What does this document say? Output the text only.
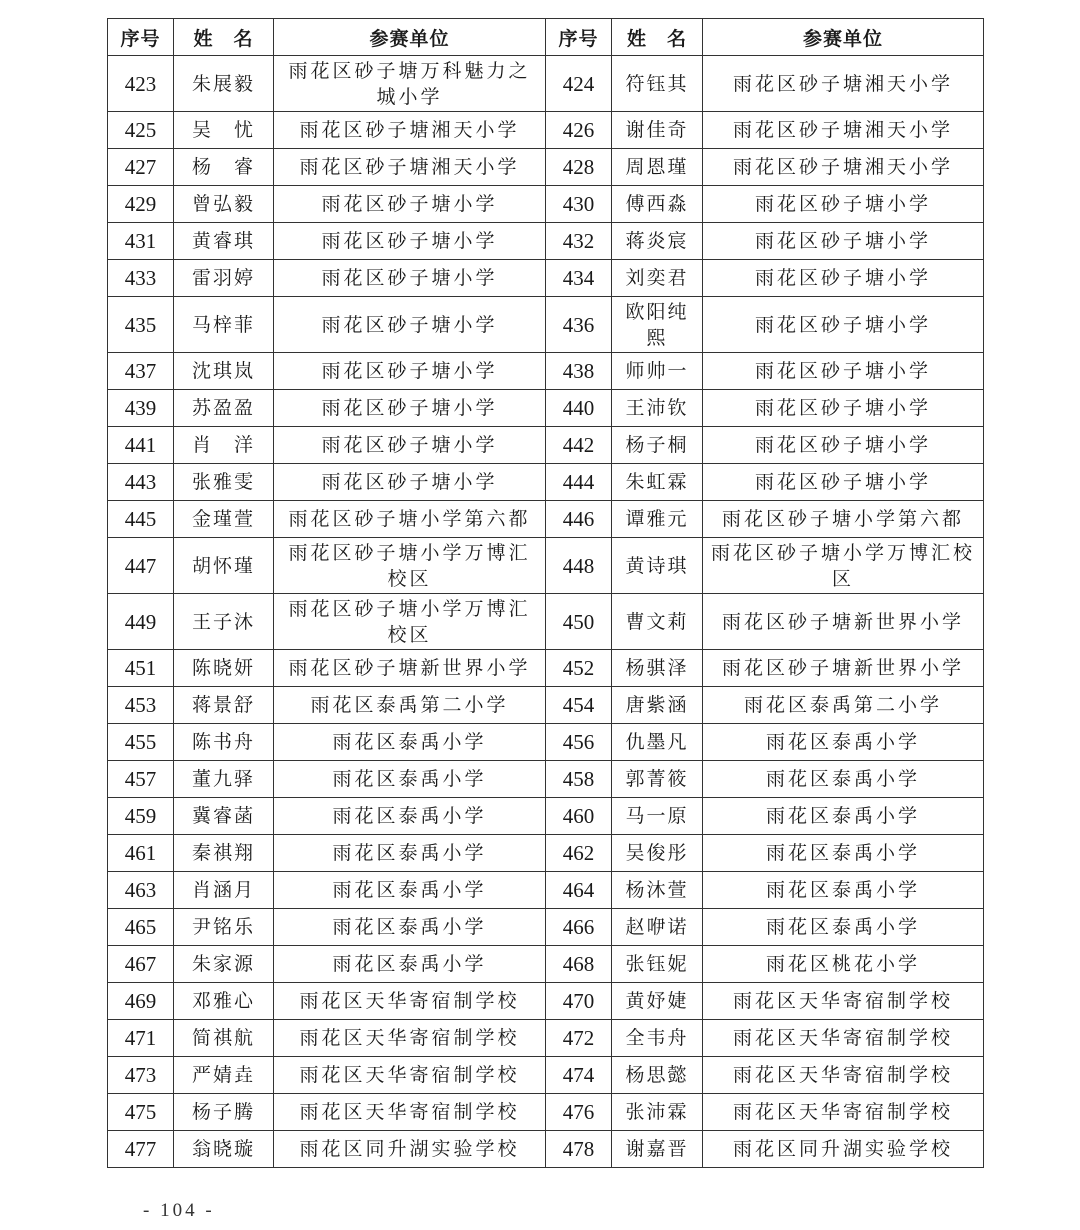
序号	姓　名	参赛单位	序号	姓　名	参赛单位
423	朱展毅	雨花区砂子塘万科魅力之城小学	424	符钰其	雨花区砂子塘湘天小学
425	吴　忧	雨花区砂子塘湘天小学	426	谢佳奇	雨花区砂子塘湘天小学
427	杨　睿	雨花区砂子塘湘天小学	428	周恩瑾	雨花区砂子塘湘天小学
429	曾弘毅	雨花区砂子塘小学	430	傅西淼	雨花区砂子塘小学
431	黄睿琪	雨花区砂子塘小学	432	蒋炎宸	雨花区砂子塘小学
433	雷羽婷	雨花区砂子塘小学	434	刘奕君	雨花区砂子塘小学
435	马梓菲	雨花区砂子塘小学	436	欧阳纯熙	雨花区砂子塘小学
437	沈琪岚	雨花区砂子塘小学	438	师帅一	雨花区砂子塘小学
439	苏盈盈	雨花区砂子塘小学	440	王沛钦	雨花区砂子塘小学
441	肖　洋	雨花区砂子塘小学	442	杨子桐	雨花区砂子塘小学
443	张雅雯	雨花区砂子塘小学	444	朱虹霖	雨花区砂子塘小学
445	金瑾萱	雨花区砂子塘小学第六都	446	谭雅元	雨花区砂子塘小学第六都
447	胡怀瑾	雨花区砂子塘小学万博汇校区	448	黄诗琪	雨花区砂子塘小学万博汇校区
449	王子沐	雨花区砂子塘小学万博汇校区	450	曹文莉	雨花区砂子塘新世界小学
451	陈晓妍	雨花区砂子塘新世界小学	452	杨骐泽	雨花区砂子塘新世界小学
453	蒋景舒	雨花区泰禹第二小学	454	唐紫涵	雨花区泰禹第二小学
455	陈书舟	雨花区泰禹小学	456	仇墨凡	雨花区泰禹小学
457	董九驿	雨花区泰禹小学	458	郭菁筱	雨花区泰禹小学
459	冀睿菡	雨花区泰禹小学	460	马一原	雨花区泰禹小学
461	秦祺翔	雨花区泰禹小学	462	吴俊彤	雨花区泰禹小学
463	肖涵月	雨花区泰禹小学	464	杨沐萱	雨花区泰禹小学
465	尹铭乐	雨花区泰禹小学	466	赵咿诺	雨花区泰禹小学
467	朱家源	雨花区泰禹小学	468	张钰妮	雨花区桃花小学
469	邓雅心	雨花区天华寄宿制学校	470	黄妤婕	雨花区天华寄宿制学校
471	简祺航	雨花区天华寄宿制学校	472	全韦舟	雨花区天华寄宿制学校
473	严婧垚	雨花区天华寄宿制学校	474	杨思懿	雨花区天华寄宿制学校
475	杨子腾	雨花区天华寄宿制学校	476	张沛霖	雨花区天华寄宿制学校
477	翁晓璇	雨花区同升湖实验学校	478	谢嘉晋	雨花区同升湖实验学校
- 104 -
